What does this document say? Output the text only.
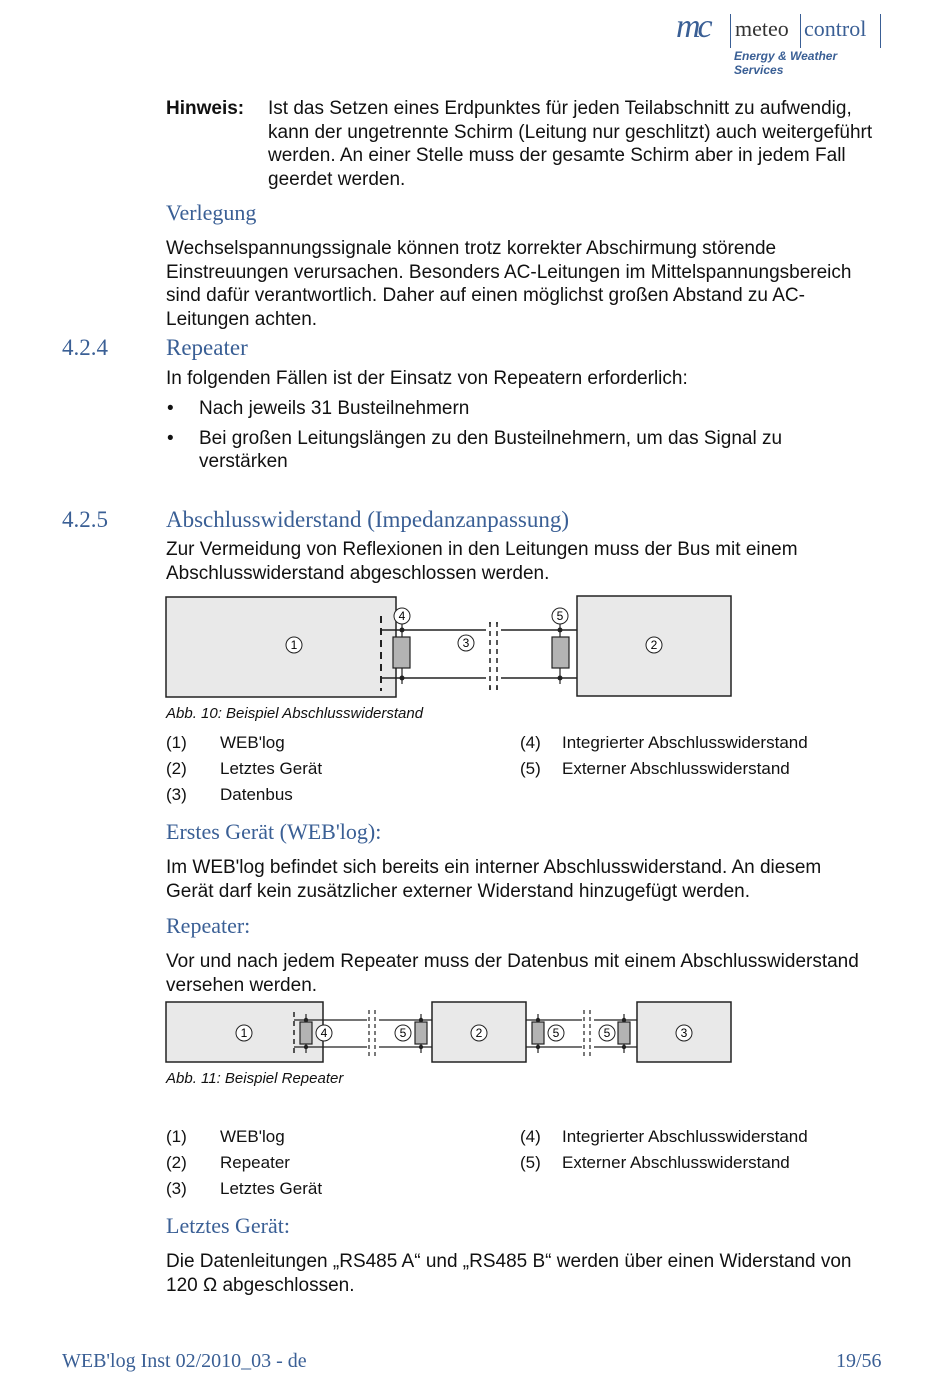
mc meteo control
Energy & Weather Services
Hinweis: Ist das Setzen eines Erdpunktes für jeden Teilabschnitt zu aufwendig, kann der ungetrennte Schirm (Leitung nur geschlitzt) auch weitergeführt werden. An einer Stelle muss der gesamte Schirm aber in jedem Fall geerdet werden.
Verlegung
Wechselspannungssignale können trotz korrekter Abschirmung störende Einstreuungen verursachen. Besonders AC-Leitungen im Mittelspannungsbereich sind dafür verantwortlich. Daher auf einen möglichst großen Abstand zu AC-Leitungen achten.
4.2.4	Repeater
In folgenden Fällen ist der Einsatz von Repeatern erforderlich:
• Nach jeweils 31 Busteilnehmern
• Bei großen Leitungslängen zu den Busteilnehmern, um das Signal zu verstärken
4.2.5	Abschlusswiderstand (Impedanzanpassung)
Zur Vermeidung von Reflexionen in den Leitungen muss der Bus mit einem Abschlusswiderstand abgeschlossen werden.
1	2
3
4	5
Abb. 10: Beispiel Abschlusswiderstand
(1) WEB'log
(2) Letztes Gerät
(3) Datenbus
(4) Integrierter Abschlusswiderstand
(5) Externer Abschlusswiderstand
Erstes Gerät (WEB'log):
Im WEB'log befindet sich bereits ein interner Abschlusswiderstand. An diesem Gerät darf kein zusätzlicher externer Widerstand hinzugefügt werden.
Repeater:
Vor und nach jedem Repeater muss der Datenbus mit einem Abschlusswiderstand versehen werden.
1	4	5	2	5	5	3
Abb. 11: Beispiel Repeater
(1) WEB'log
(2) Repeater
(3) Letztes Gerät
(4) Integrierter Abschlusswiderstand
(5) Externer Abschlusswiderstand
Letztes Gerät:
Die Datenleitungen „RS485 A“ und „RS485 B“ werden über einen Widerstand von 120 Ω abgeschlossen.
WEB'log Inst 02/2010_03 - de	19/56
